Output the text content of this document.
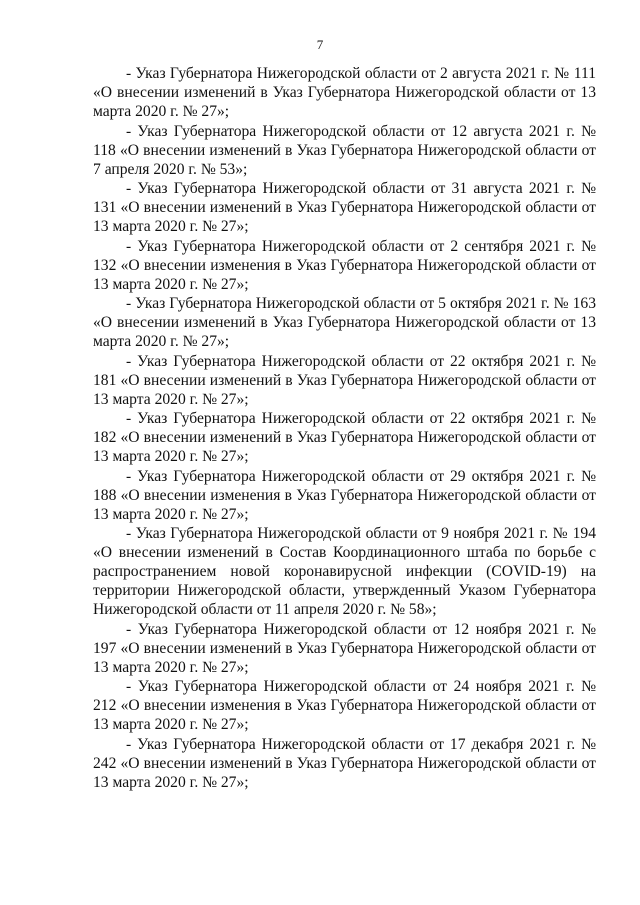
7

- Указ Губернатора Нижегородской области от 2 августа 2021 г. № 111 «О внесении изменений в Указ Губернатора Нижегородской области от 13 марта 2020 г. № 27»;

- Указ Губернатора Нижегородской области от 12 августа 2021 г. № 118 «О внесении изменений в Указ Губернатора Нижегородской области от 7 апреля 2020 г. № 53»;

- Указ Губернатора Нижегородской области от 31 августа 2021 г. № 131 «О внесении изменений в Указ Губернатора Нижегородской области от 13 марта 2020 г. № 27»;

- Указ Губернатора Нижегородской области от 2 сентября 2021 г. № 132 «О внесении изменения в Указ Губернатора Нижегородской области от 13 марта 2020 г. № 27»;

- Указ Губернатора Нижегородской области от 5 октября 2021 г. № 163 «О внесении изменений в Указ Губернатора Нижегородской области от 13 марта 2020 г. № 27»;

- Указ Губернатора Нижегородской области от 22 октября 2021 г. № 181 «О внесении изменений в Указ Губернатора Нижегородской области от 13 марта 2020 г. № 27»;

- Указ Губернатора Нижегородской области от 22 октября 2021 г. № 182 «О внесении изменений в Указ Губернатора Нижегородской области от 13 марта 2020 г. № 27»;

- Указ Губернатора Нижегородской области от 29 октября 2021 г. № 188 «О внесении изменения в Указ Губернатора Нижегородской области от 13 марта 2020 г. № 27»;

- Указ Губернатора Нижегородской области от 9 ноября 2021 г. № 194 «О внесении изменений в Состав Координационного штаба по борьбе с распространением новой коронавирусной инфекции (COVID-19) на территории Нижегородской области, утвержденный Указом Губернатора Нижегородской области от 11 апреля 2020 г. № 58»;

- Указ Губернатора Нижегородской области от 12 ноября 2021 г. № 197 «О внесении изменений в Указ Губернатора Нижегородской области от 13 марта 2020 г. № 27»;

- Указ Губернатора Нижегородской области от 24 ноября 2021 г. № 212 «О внесении изменения в Указ Губернатора Нижегородской области от 13 марта 2020 г. № 27»;

- Указ Губернатора Нижегородской области от 17 декабря 2021 г. № 242 «О внесении изменений в Указ Губернатора Нижегородской области от 13 марта 2020 г. № 27»;
